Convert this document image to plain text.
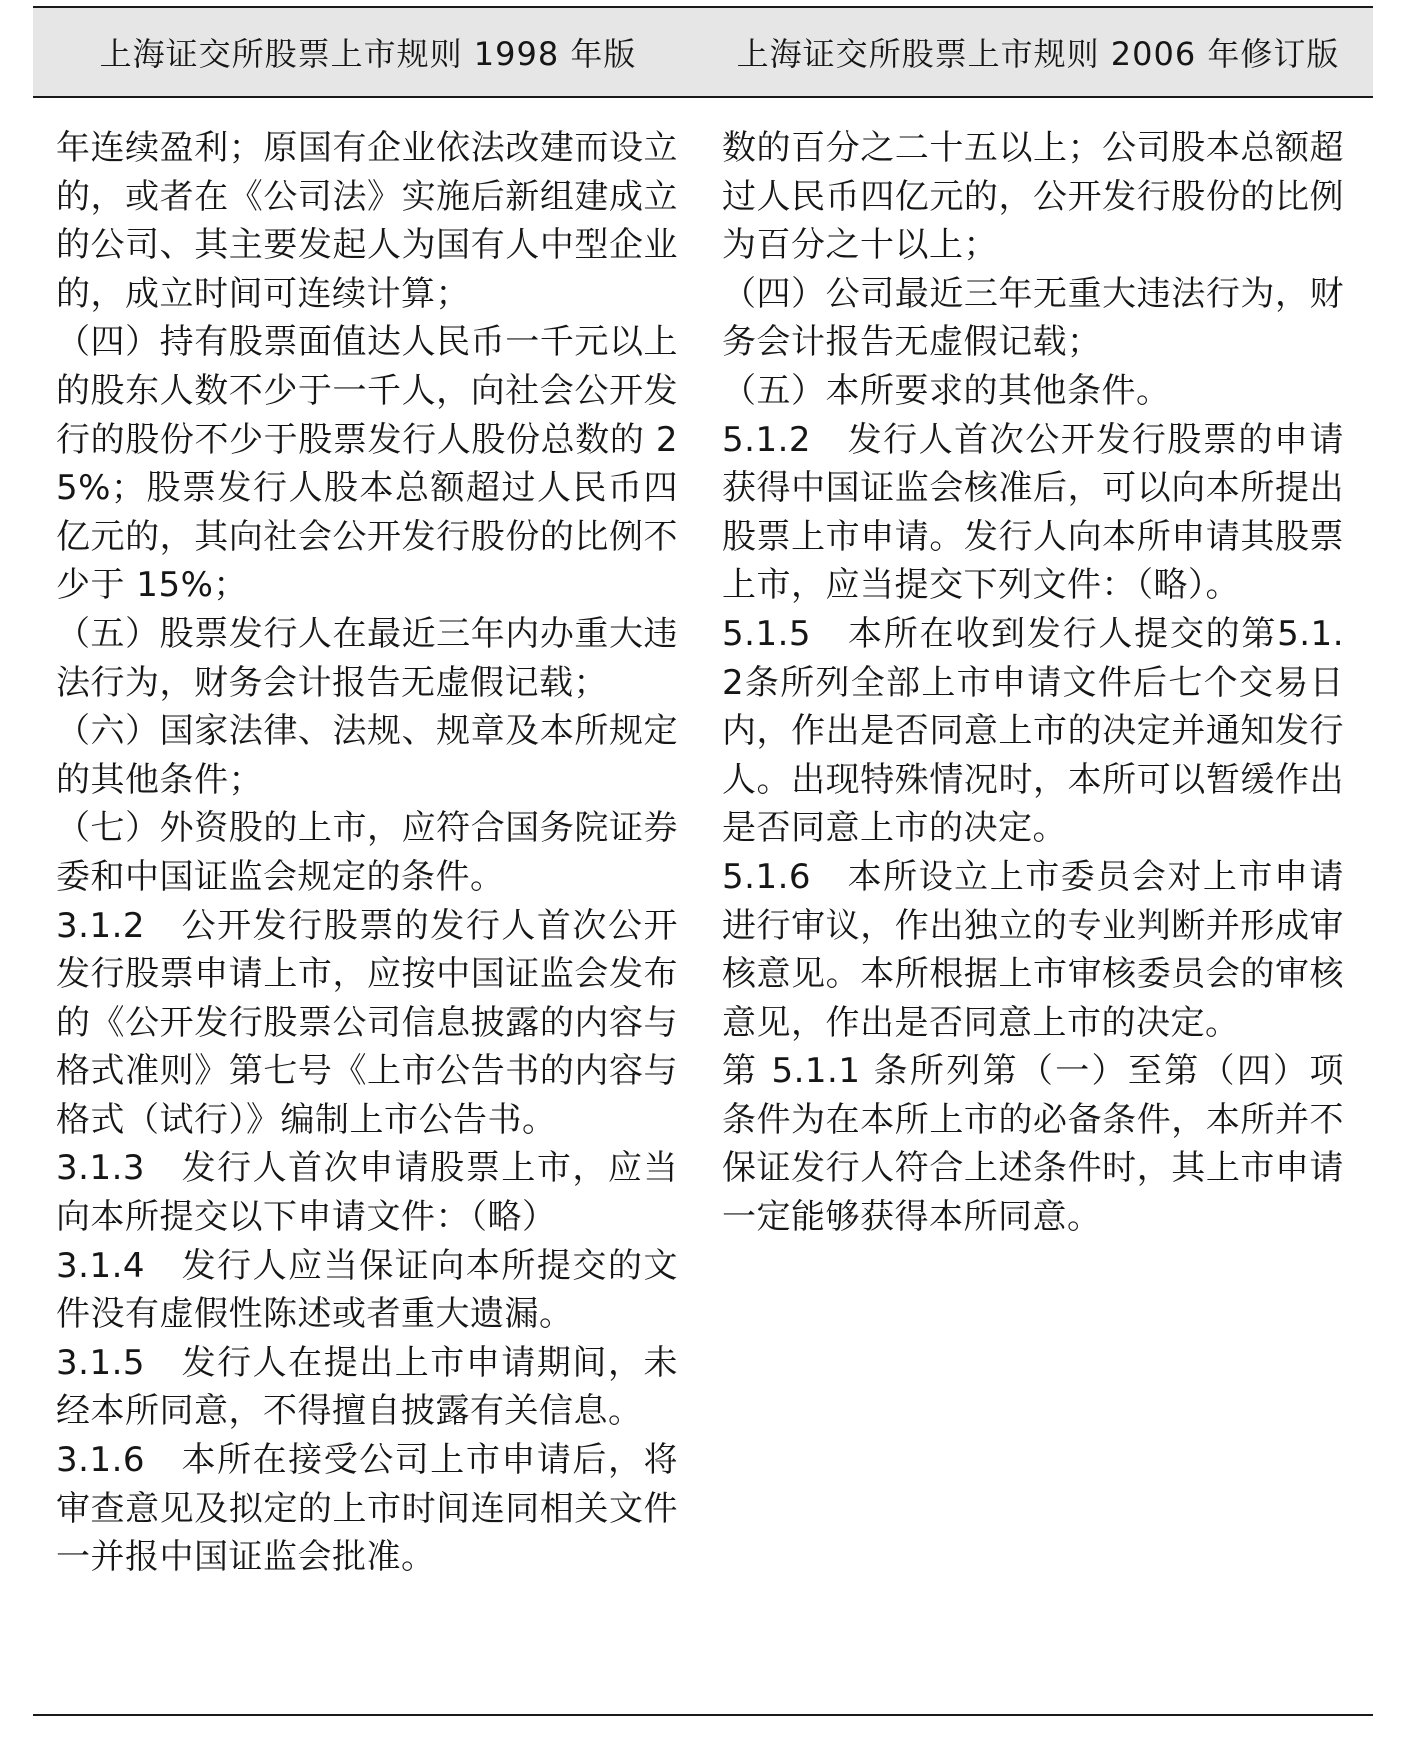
上海证交所股票上市规则 1998 年版	上海证交所股票上市规则 2006 年修订版

年连续盈利；原国有企业依法改建而设立的，或者在《公司法》实施后新组建成立的公司、其主要发起人为国有人中型企业的，成立时间可连续计算；

（四）持有股票面值达人民币一千元以上的股东人数不少于一千人，向社会公开发行的股份不少于股票发行人股份总数的 25%；股票发行人股本总额超过人民币四亿元的，其向社会公开发行股份的比例不少于 15%；

（五）股票发行人在最近三年内办重大违法行为，财务会计报告无虚假记载；

（六）国家法律、法规、规章及本所规定的其他条件；

（七）外资股的上市，应符合国务院证券委和中国证监会规定的条件。

3.1.2　公开发行股票的发行人首次公开发行股票申请上市，应按中国证监会发布的《公开发行股票公司信息披露的内容与格式准则》第七号《上市公告书的内容与格式（试行）》编制上市公告书。

3.1.3　发行人首次申请股票上市，应当向本所提交以下申请文件：（略）

3.1.4　发行人应当保证向本所提交的文件没有虚假性陈述或者重大遗漏。

3.1.5　发行人在提出上市申请期间，未经本所同意，不得擅自披露有关信息。

3.1.6　本所在接受公司上市申请后，将审查意见及拟定的上市时间连同相关文件一并报中国证监会批准。

数的百分之二十五以上；公司股本总额超过人民币四亿元的，公开发行股份的比例为百分之十以上；

（四）公司最近三年无重大违法行为，财务会计报告无虚假记载；

（五）本所要求的其他条件。

5.1.2　发行人首次公开发行股票的申请获得中国证监会核准后，可以向本所提出股票上市申请。发行人向本所申请其股票上市，应当提交下列文件：（略）。

5.1.5　本所在收到发行人提交的第5.1.2条所列全部上市申请文件后七个交易日内，作出是否同意上市的决定并通知发行人。出现特殊情况时，本所可以暂缓作出是否同意上市的决定。

5.1.6　本所设立上市委员会对上市申请进行审议，作出独立的专业判断并形成审核意见。本所根据上市审核委员会的审核意见，作出是否同意上市的决定。

第 5.1.1 条所列第（一）至第（四）项条件为在本所上市的必备条件，本所并不保证发行人符合上述条件时，其上市申请一定能够获得本所同意。
